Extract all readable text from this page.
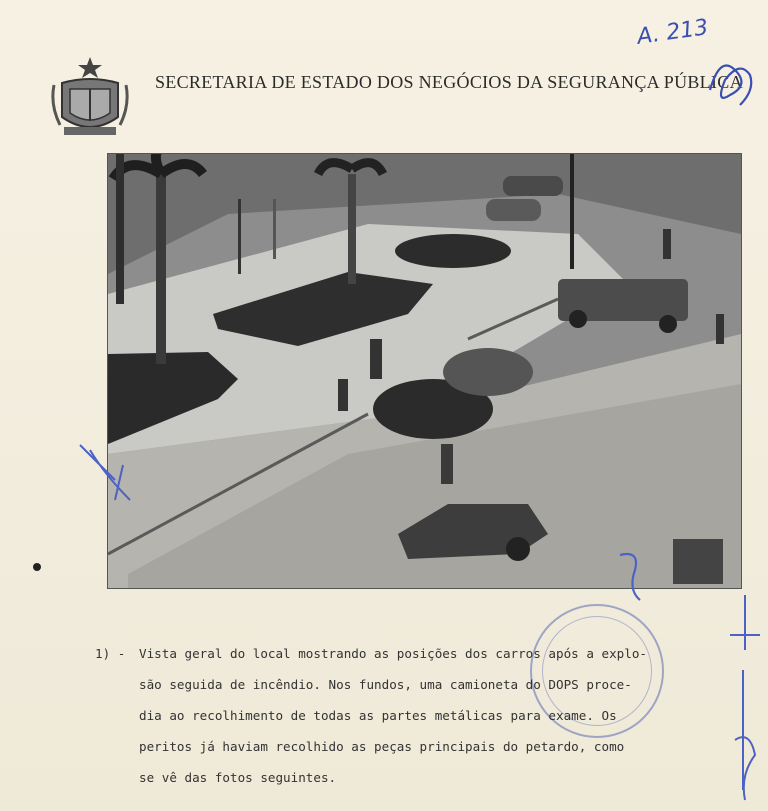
SECRETARIA DE ESTADO DOS NEGÓCIOS DA SEGURANÇA PÚBLICA
A. 213
1) -	Vista geral do local mostrando as posições dos carros após a explo-
são seguida de incêndio. Nos fundos, uma camioneta do DOPS proce-
dia ao recolhimento de todas as partes metálicas para exame. Os
peritos já haviam recolhido as peças principais do petardo, como
se vê das fotos seguintes.
